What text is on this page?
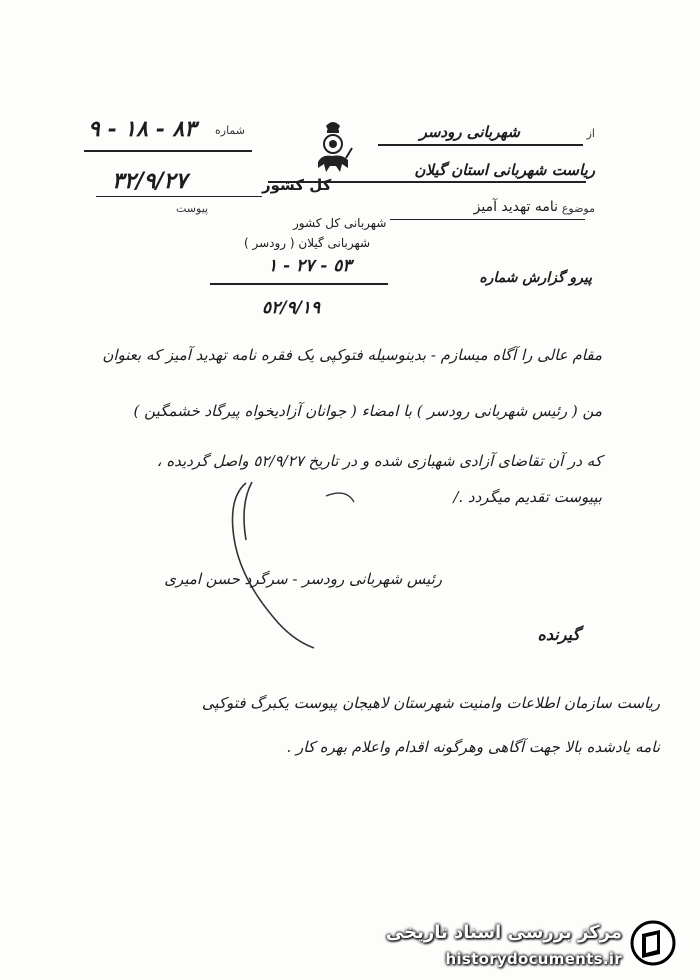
از
شهربانی رودسر
٨٣ - ١٨ - ٩ شماره
ریاست شهربانی استان گیلان
کل کشور
٣٢/٩/٢٧
پیوست	موضوع
نامه تهدید آمیز
شهربانی کل کشور
شهربانی گیلان ( رودسر )
پیرو گزارش شماره
٥٣ - ٢٧ - ١
٥٢/٩/١٩
مقام عالی را آگاه میسازم - بدینوسیله فتوکپی یک فقره نامه تهدید آمیز که بعنوان
من ( رئیس شهربانی رودسر ) با امضاء ( جوانان آزادیخواه پیرگاد خشمگین )
که در آن تقاضای آزادی شهبازی شده و در تاریخ ٥٢/٩/٢٧ واصل گردیده ،
بپیوست تقدیم میگردد ./
رئیس شهربانی رودسر - سرگرد حسن امیری
گیرنده
ریاست سازمان اطلاعات وامنیت شهرستان لاهیجان پیوست یکبرگ فتوکپی
نامه یادشده بالا جهت آگاهی وهرگونه اقدام واعلام بهره کار .
مرکز بررسی اسناد تاریخی
historydocuments.ir
